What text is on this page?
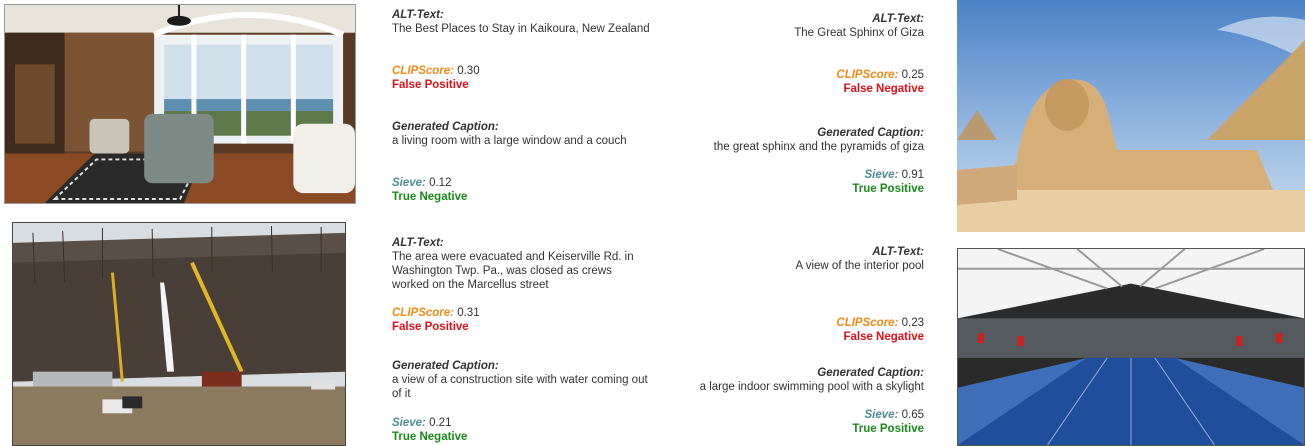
ALT-Text:
The Best Places to Stay in Kaikoura, New Zealand
CLIPScore: 0.30
False Positive
Generated Caption:
a living room with a large window and a couch
Sieve: 0.12
True Negative
ALT-Text:
The area were evacuated and Keiserville Rd. in Washington Twp. Pa., was closed as crews worked on the Marcellus street
CLIPScore: 0.31
False Positive
Generated Caption:
a view of a construction site with water coming out of it
Sieve: 0.21
True Negative
ALT-Text:
The Great Sphinx of Giza
CLIPScore: 0.25
False Negative
Generated Caption:
the great sphinx and the pyramids of giza
Sieve: 0.91
True Positive
ALT-Text:
A view of the interior pool
CLIPScore: 0.23
False Negative
Generated Caption:
a large indoor swimming pool with a skylight
Sieve: 0.65
True Positive
